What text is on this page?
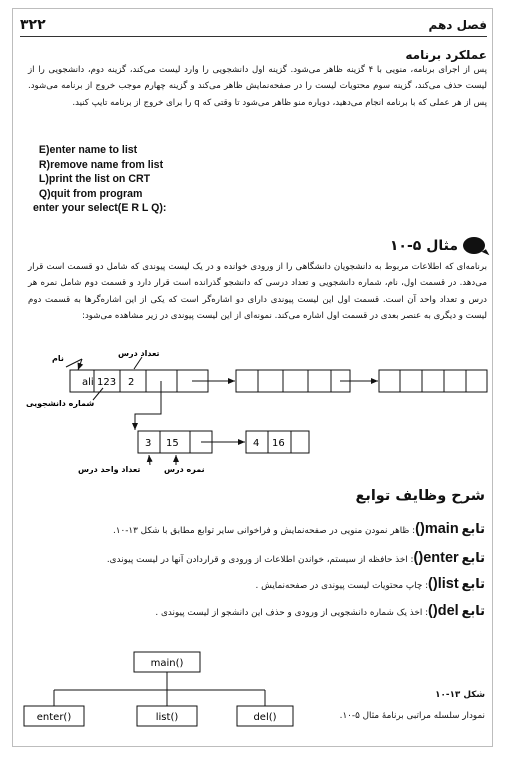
فصل دهم
۳۲۲
عملکرد برنامه
پس از اجرای برنامه، منویی با ۴ گزینه ظاهر می‌شود. گزینه اول دانشجویی را وارد لیست می‌کند، گزینه دوم، دانشجویی را از لیست حذف می‌کند، گزینه سوم محتویات لیست را در صفحه‌نمایش ظاهر می‌کند و گزینه چهارم موجب خروج از برنامه می‌شود. پس از هر عملی که با برنامه انجام می‌دهید، دوباره منو ظاهر می‌شود تا وقتی که q را برای خروج از برنامه تایپ کنید.
E)enter name to list
R)remove name from list
L)print the list on CRT
Q)quit from program
enter your select(E R L Q):
مثال ۵-۱۰
برنامه‌ای که اطلاعات مربوط به دانشجویان دانشگاهی را از ورودی خوانده و در یک لیست پیوندی که شامل دو قسمت است قرار می‌دهد. در قسمت اول، نام، شماره دانشجویی و تعداد درسی که دانشجو گذرانده است قرار دارد و قسمت دوم شامل نمره هر درس و تعداد واحد آن است. قسمت اول این لیست پیوندی دارای دو اشاره‌گر است که یکی از این اشاره‌گرها به قسمت دوم لیست و دیگری به عنصر بعدی در قسمت اول اشاره می‌کند. نمونه‌ای از این لیست پیوندی در زیر مشاهده می‌شود:
ali 123 2
3 15	4 16
نام
تعداد درس
شماره دانشجویی
نمره درس
تعداد واحد درس
شرح وظایف توابع
تابع main(): ظاهر نمودن منویی در صفحه‌نمایش و فراخوانی سایر توابع مطابق با شکل ۱۳-۱۰.
تابع enter(): اخذ حافظه از سیستم، خواندن اطلاعات از ورودی و قراردادن آنها در لیست پیوندی.
تابع list(): چاپ محتویات لیست پیوندی در صفحه‌نمایش .
تابع del(): اخذ یک شماره دانشجویی از ورودی و حذف این دانشجو از لیست پیوندی .
main()
enter()	list()	del()
شکل ۱۳-۱۰
نمودار سلسله مراتبی برنامهٔ مثال ۵-۱۰.
